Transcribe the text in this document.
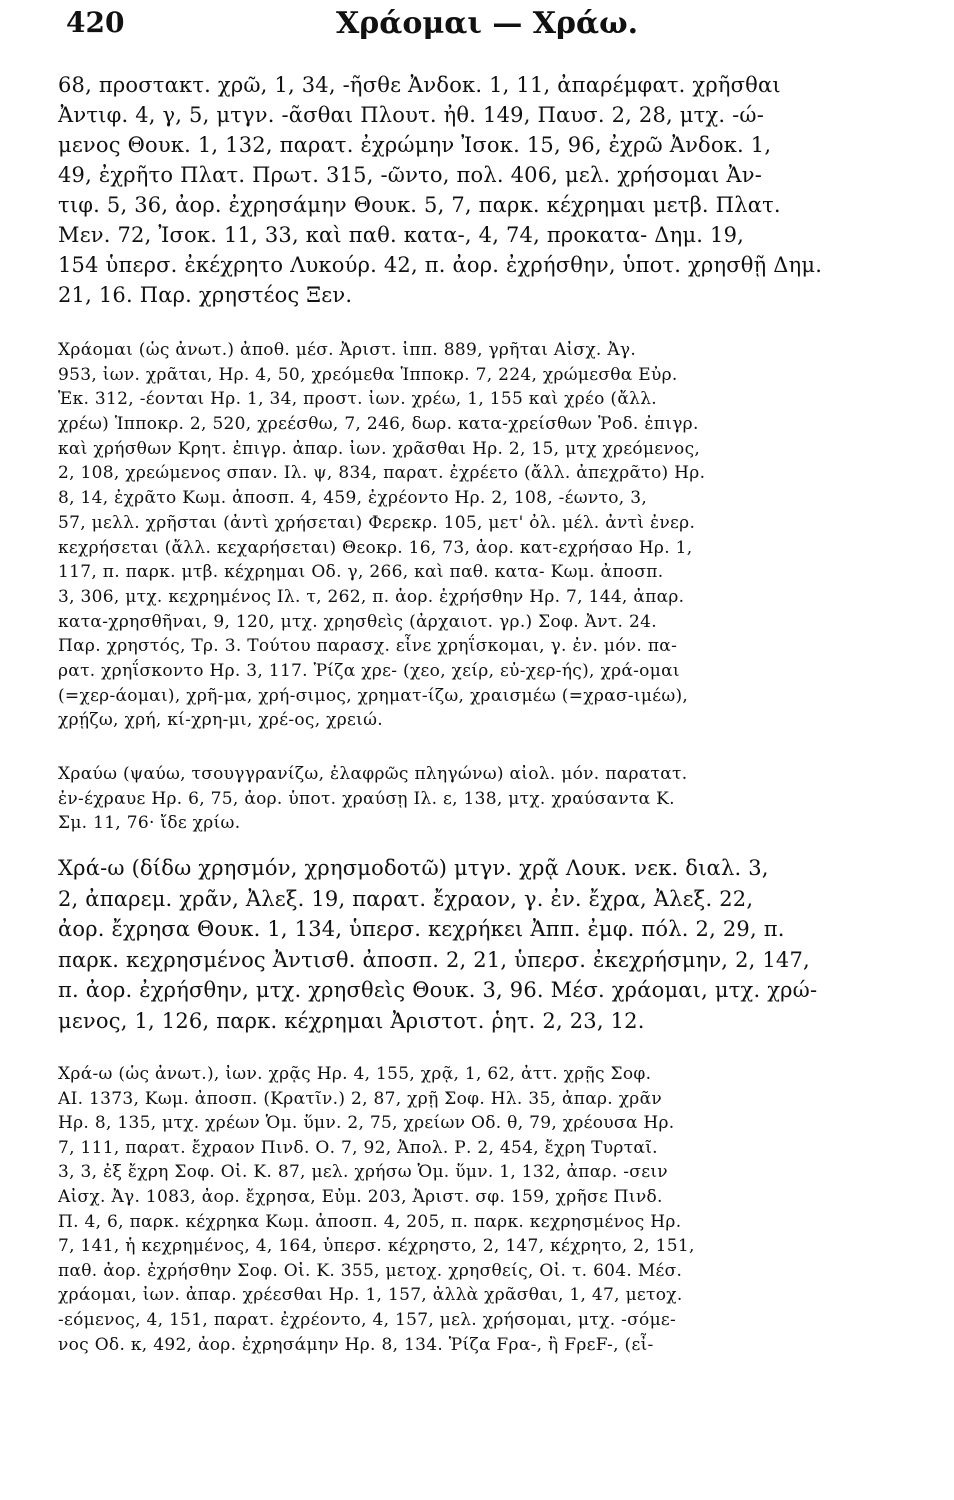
420	Χράομαι — Χράω.
68, προστακτ. χρῶ, 1, 34, -ῆσθε Ἀνδοκ. 1, 11, ἀπαρέμφατ. χρῆσθαι
Ἀντιφ. 4, γ, 5, μτγν. -ᾶσθαι Πλουτ. ἠθ. 149, Παυσ. 2, 28, μτχ. -ώ-
μενος Θουκ. 1, 132, παρατ. ἐχρώμην Ἰσοκ. 15, 96, ἐχρῶ Ἀνδοκ. 1,
49, ἐχρῆτο Πλατ. Πρωτ. 315, -ῶντο, πολ. 406, μελ. χρήσομαι Ἀν-
τιφ. 5, 36, ἀορ. ἐχρησάμην Θουκ. 5, 7, παρκ. κέχρημαι μετβ. Πλατ.
Μεν. 72, Ἰσοκ. 11, 33, καὶ παθ. κατα-, 4, 74, προκατα- Δημ. 19,
154 ὑπερσ. ἐκέχρητο Λυκούρ. 42, π. ἀορ. ἐχρήσθην, ὑποτ. χρησθῇ Δημ.
21, 16. Παρ. χρηστέος Ξεν.
Χράομαι (ὡς ἀνωτ.) ἀποθ. μέσ. Ἀριστ. ἱππ. 889, γρῆται Αἰσχ. Ἀγ.
953, ἰων. χρᾶται, Ηρ. 4, 50, χρεόμεθα Ἱπποκρ. 7, 224, χρώμεσθα Εὐρ.
Ἑκ. 312, -έονται Ηρ. 1, 34, προστ. ἰων. χρέω, 1, 155 καὶ χρέο (ἄλλ.
χρέω) Ἱπποκρ. 2, 520, χρεέσθω, 7, 246, δωρ. κατα-χρείσθων Ῥοδ. ἐπιγρ.
καὶ χρήσθων Κρητ. ἐπιγρ. ἀπαρ. ἰων. χρᾶσθαι Ηρ. 2, 15, μτχ χρεόμενος,
2, 108, χρεώμενος σπαν. Ιλ. ψ, 834, παρατ. ἐχρέετο (ἄλλ. ἀπεχρᾶτο) Ηρ.
8, 14, ἐχρᾶτο Κωμ. ἀποσπ. 4, 459, ἐχρέοντο Ηρ. 2, 108, -έωντο, 3,
57, μελλ. χρῆσται (ἀντὶ χρήσεται) Φερεκρ. 105, μετ' ὀλ. μέλ. ἀντὶ ἐνερ.
κεχρήσεται (ἄλλ. κεχαρήσεται) Θεοκρ. 16, 73, ἀορ. κατ-εχρήσαο Ηρ. 1,
117, π. παρκ. μτβ. κέχρημαι Οδ. γ, 266, καὶ παθ. κατα- Κωμ. ἀποσπ.
3, 306, μτχ. κεχρημένος Ιλ. τ, 262, π. ἀορ. ἐχρήσθην Ηρ. 7, 144, ἀπαρ.
κατα-χρησθῆναι, 9, 120, μτχ. χρησθεὶς (ἀρχαιοτ. γρ.) Σοφ. Ἀντ. 24.
Παρ. χρηστός, Τρ. 3. Τούτου παρασχ. εἶνε χρηΐσκομαι, γ. ἐν. μόν. πα-
ρατ. χρηΐσκοντο Ηρ. 3, 117. Ῥίζα χρε- (χεο, χείρ, εὐ-χερ-ής), χρά-ομαι
(=χερ-άομαι), χρῆ-μα, χρή-σιμος, χρηματ-ίζω, χραισμέω (=χρασ-ιμέω),
χρῄζω, χρή, κί-χρη-μι, χρέ-ος, χρειώ.
Χραύω (ψαύω, τσουγγρανίζω, ἐλαφρῶς πληγώνω) αἰολ. μόν. παρατατ.
ἐν-έχραυε Ηρ. 6, 75, ἀορ. ὑποτ. χραύσῃ Ιλ. ε, 138, μτχ. χραύσαντα Κ.
Σμ. 11, 76· ἴδε χρίω.
Χρά-ω (δίδω χρησμόν, χρησμοδοτῶ) μτγν. χρᾷ Λουκ. νεκ. διαλ. 3,
2, ἀπαρεμ. χρᾶν, Ἀλεξ. 19, παρατ. ἔχραον, γ. ἐν. ἔχρα, Ἀλεξ. 22,
ἀορ. ἔχρησα Θουκ. 1, 134, ὑπερσ. κεχρήκει Ἀππ. ἐμφ. πόλ. 2, 29, π.
παρκ. κεχρησμένος Ἀντισθ. ἀποσπ. 2, 21, ὑπερσ. ἐκεχρήσμην, 2, 147,
π. ἀορ. ἐχρήσθην, μτχ. χρησθεὶς Θουκ. 3, 96. Μέσ. χράομαι, μτχ. χρώ-
μενος, 1, 126, παρκ. κέχρημαι Ἀριστοτ. ῥητ. 2, 23, 12.
Χρά-ω (ὡς ἀνωτ.), ἰων. χρᾷς Ηρ. 4, 155, χρᾷ, 1, 62, ἀττ. χρῇς Σοφ.
ΑΙ. 1373, Κωμ. ἀποσπ. (Κρατῖν.) 2, 87, χρῇ Σοφ. Ηλ. 35, ἀπαρ. χρᾶν
Ηρ. 8, 135, μτχ. χρέων Ὁμ. ὕμν. 2, 75, χρείων Οδ. θ, 79, χρέουσα Ηρ.
7, 111, παρατ. ἔχραον Πινδ. Ο. 7, 92, Ἀπολ. Ρ. 2, 454, ἔχρη Τυρταῖ.
3, 3, ἐξ ἔχρη Σοφ. Οἰ. Κ. 87, μελ. χρήσω Ὁμ. ὕμν. 1, 132, ἀπαρ. -σειν
Αἰσχ. Ἀγ. 1083, ἀορ. ἔχρησα, Εὐμ. 203, Ἀριστ. σφ. 159, χρῆσε Πινδ.
Π. 4, 6, παρκ. κέχρηκα Κωμ. ἀποσπ. 4, 205, π. παρκ. κεχρησμένος Ηρ.
7, 141, ἡ κεχρημένος, 4, 164, ὑπερσ. κέχρηστο, 2, 147, κέχρητο, 2, 151,
παθ. ἀορ. ἐχρήσθην Σοφ. Οἰ. Κ. 355, μετοχ. χρησθείς, Οἰ. τ. 604. Μέσ.
χράομαι, ἰων. ἀπαρ. χρέεσθαι Ηρ. 1, 157, ἀλλὰ χρᾶσθαι, 1, 47, μετοχ.
-εόμενος, 4, 151, παρατ. ἐχρέοντο, 4, 157, μελ. χρήσομαι, μτχ. -σόμε-
νος Οδ. κ, 492, ἀορ. ἐχρησάμην Ηρ. 8, 134. Ῥίζα Fρα-, ἢ FρεF-, (εἶ-
